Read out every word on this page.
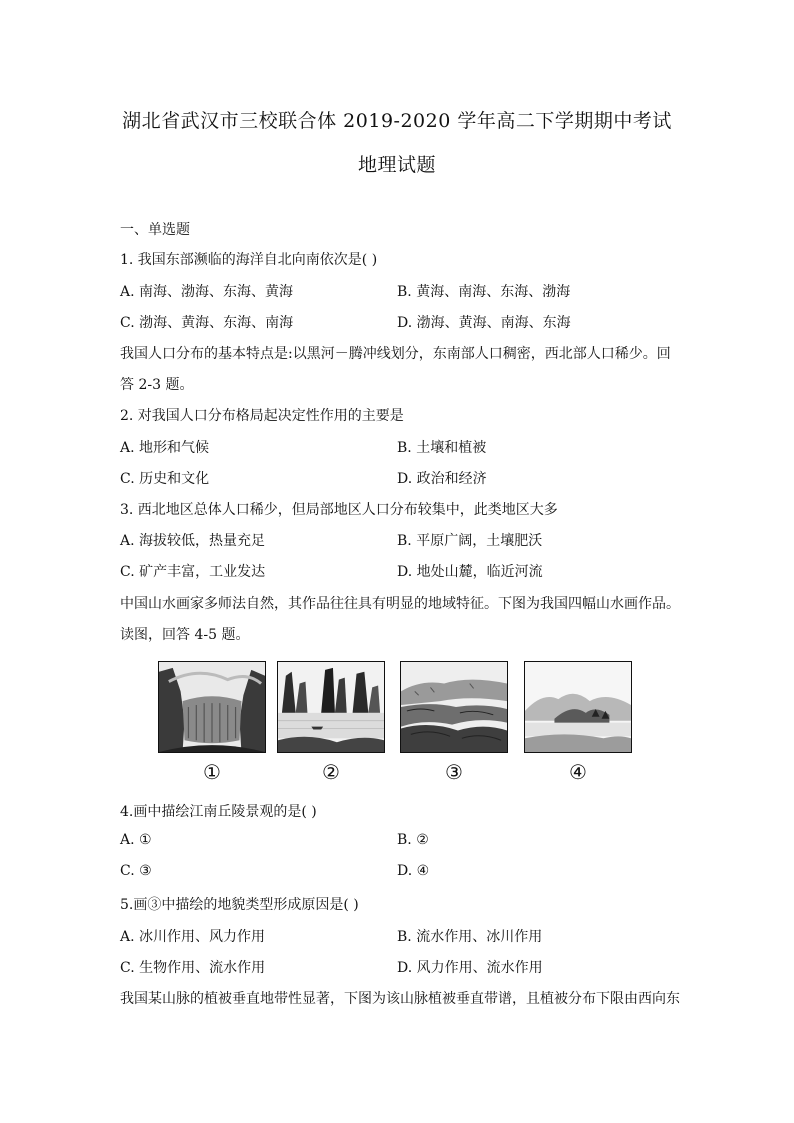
湖北省武汉市三校联合体 2019-2020 学年高二下学期期中考试
地理试题
一、单选题
1. 我国东部濒临的海洋自北向南依次是( )
A. 南海、渤海、东海、黄海	B. 黄海、南海、东海、渤海
C. 渤海、黄海、东海、南海	D. 渤海、黄海、南海、东海
我国人口分布的基本特点是:以黑河－腾冲线划分，东南部人口稠密，西北部人口稀少。回
答 2-3 题。
2. 对我国人口分布格局起决定性作用的主要是
A. 地形和气候	B. 土壤和植被
C. 历史和文化	D. 政治和经济
3. 西北地区总体人口稀少，但局部地区人口分布较集中，此类地区大多
A. 海拔较低，热量充足	B. 平原广阔，土壤肥沃
C. 矿产丰富，工业发达	D. 地处山麓，临近河流
中国山水画家多师法自然，其作品往往具有明显的地域特征。下图为我国四幅山水画作品。
读图，回答 4-5 题。
①	②	③	④
4.画中描绘江南丘陵景观的是( )
A. ①	B. ②
C. ③	D. ④
5.画③中描绘的地貌类型形成原因是( )
A. 冰川作用、风力作用	B. 流水作用、冰川作用
C. 生物作用、流水作用	D. 风力作用、流水作用
我国某山脉的植被垂直地带性显著，下图为该山脉植被垂直带谱，且植被分布下限由西向东
